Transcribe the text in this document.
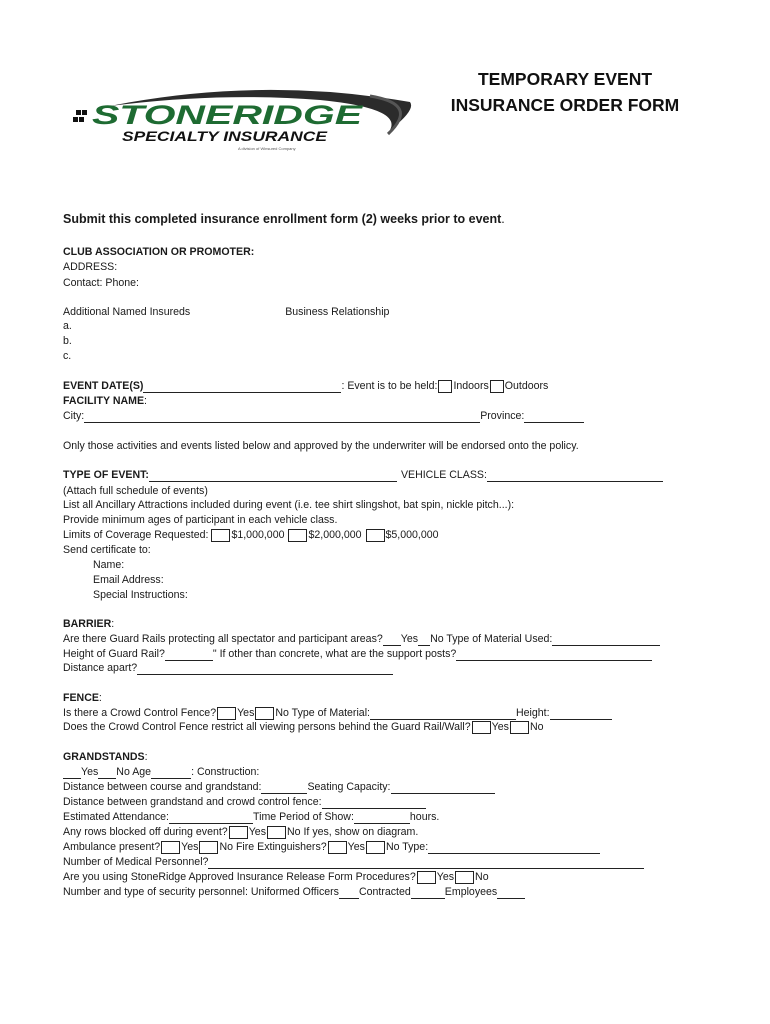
STONERIDGE
SPECIALTY INSURANCE
A division of Winsured Company
TEMPORARY EVENT
INSURANCE ORDER FORM
Submit this completed insurance enrollment form (2) weeks prior to event.
CLUB ASSOCIATION OR PROMOTER:
ADDRESS:
Contact: Phone:
Additional Named Insureds	Business Relationship
a.
b.
c.
EVENT DATE(S)	: Event is to be held: Indoors Outdoors
FACILITY NAME :
City:	Province:
Only those activities and events listed below and approved by the underwriter will be endorsed onto the policy.
TYPE OF EVENT:	VEHICLE CLASS:
(Attach full schedule of events)
List all Ancillary Attractions included during event (i.e. tee shirt slingshot, bat spin, nickle pitch...):
Provide minimum ages of participant in each vehicle class.
Limits of Coverage Requested: $1,000,000 $2,000,000 $5,000,000
Send certificate to:
Name:
Email Address:
Special Instructions:
BARRIER :
Are there Guard Rails protecting all spectator and participant areas? Yes No Type of Material Used:
Height of Guard Rail?	" If other than concrete, what are the support posts?
Distance apart?
FENCE :
Is there a Crowd Control Fence? Yes No Type of Material:	Height:
Does the Crowd Control Fence restrict all viewing persons behind the Guard Rail/Wall? Yes No
GRANDSTANDS :
Yes No Age	: Construction:
Distance between course and grandstand:	Seating Capacity:
Distance between grandstand and crowd control fence:
Estimated Attendance:	Time Period of Show:	hours.
Any rows blocked off during event? Yes No If yes, show on diagram.
Ambulance present? Yes No Fire Extinguishers? Yes No Type:
Number of Medical Personnel?
Are you using StoneRidge Approved Insurance Release Form Procedures? Yes No
Number and type of security personnel: Uniformed Officers Contracted	Employees
